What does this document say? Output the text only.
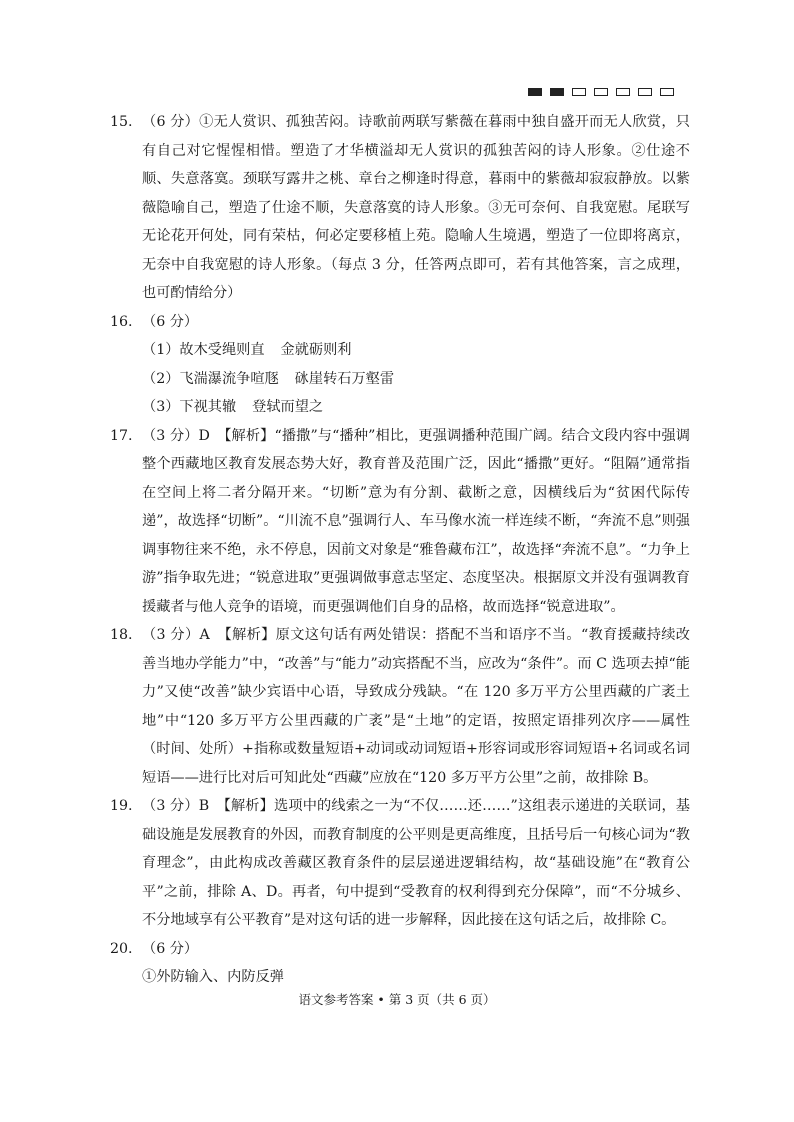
15. （6 分）①无人赏识、孤独苦闷。诗歌前两联写紫薇在暮雨中独自盛开而无人欣赏，只有自己对它惺惺相惜。塑造了才华横溢却无人赏识的孤独苦闷的诗人形象。②仕途不顺、失意落寞。颈联写露井之桃、章台之柳逢时得意，暮雨中的紫薇却寂寂静放。以紫薇隐喻自己，塑造了仕途不顺，失意落寞的诗人形象。③无可奈何、自我宽慰。尾联写无论花开何处，同有荣枯，何必定要移植上苑。隐喻人生境遇，塑造了一位即将离京，无奈中自我宽慰的诗人形象。（每点 3 分，任答两点即可，若有其他答案，言之成理，也可酌情给分）
16. （6 分）
（1）故木受绳则直 金就砺则利
（2）飞湍瀑流争喧豗 砯崖转石万壑雷
（3）下视其辙 登轼而望之
17. （3 分）D　【解析】“播撒”与“播种”相比，更强调播种范围广阔。结合文段内容中强调整个西藏地区教育发展态势大好，教育普及范围广泛，因此“播撒”更好。“阻隔”通常指在空间上将二者分隔开来。“切断”意为有分割、截断之意，因横线后为“贫困代际传递”，故选择“切断”。“川流不息”强调行人、车马像水流一样连续不断，“奔流不息”则强调事物往来不绝，永不停息，因前文对象是“雅鲁藏布江”，故选择“奔流不息”。“力争上游”指争取先进；“锐意进取”更强调做事意志坚定、态度坚决。根据原文并没有强调教育援藏者与他人竞争的语境，而更强调他们自身的品格，故而选择“锐意进取”。
18. （3 分）A　【解析】原文这句话有两处错误：搭配不当和语序不当。“教育援藏持续改善当地办学能力”中，“改善”与“能力”动宾搭配不当，应改为“条件”。而 C 选项去掉“能力”又使“改善”缺少宾语中心语，导致成分残缺。“在 120 多万平方公里西藏的广袤土地”中“120 多万平方公里西藏的广袤”是“土地”的定语，按照定语排列次序——属性（时间、处所）+指称或数量短语+动词或动词短语+形容词或形容词短语+名词或名词短语——进行比对后可知此处“西藏”应放在“120 多万平方公里”之前，故排除 B。
19. （3 分）B　【解析】选项中的线索之一为“不仅……还……”这组表示递进的关联词，基础设施是发展教育的外因，而教育制度的公平则是更高维度，且括号后一句核心词为“教育理念”，由此构成改善藏区教育条件的层层递进逻辑结构，故“基础设施”在“教育公平”之前，排除 A、D。再者，句中提到“受教育的权利得到充分保障”，而“不分城乡、不分地域享有公平教育”是对这句话的进一步解释，因此接在这句话之后，故排除 C。
20. （6 分）
①外防输入、内防反弹
语文参考答案 • 第 3 页（共 6 页）
